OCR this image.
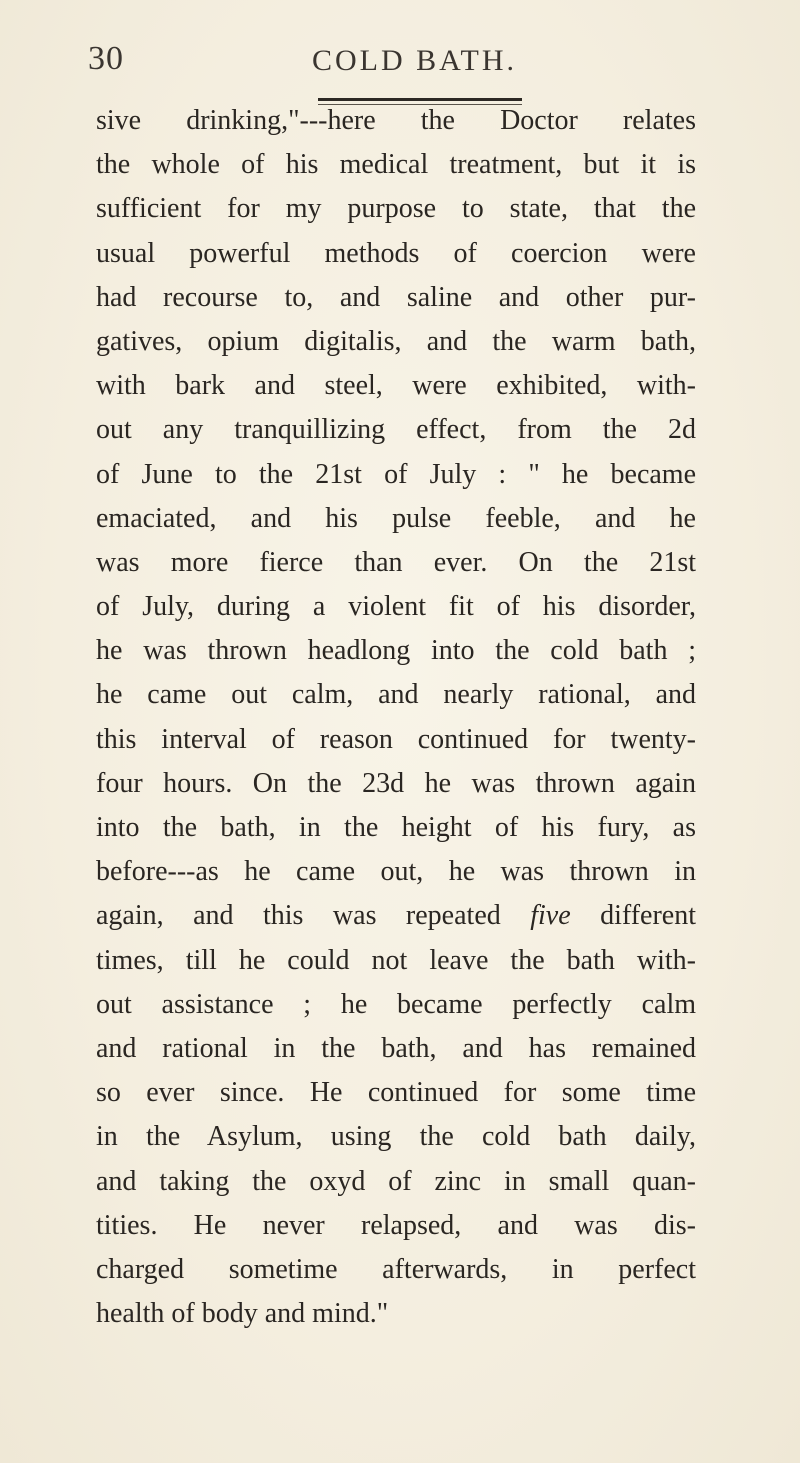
30	COLD BATH.
sive drinking,"---here the Doctor relates
the whole of his medical treatment, but it is
sufficient for my purpose to state, that the
usual powerful methods of coercion were
had recourse to, and saline and other pur-
gatives, opium digitalis, and the warm bath,
with bark and steel, were exhibited, with-
out any tranquillizing effect, from the 2d
of June to the 21st of July : " he became
emaciated, and his pulse feeble, and he
was more fierce than ever. On the 21st
of July, during a violent fit of his disorder,
he was thrown headlong into the cold bath ;
he came out calm, and nearly rational, and
this interval of reason continued for twenty-
four hours. On the 23d he was thrown again
into the bath, in the height of his fury, as
before---as he came out, he was thrown in
again, and this was repeated five different
times, till he could not leave the bath with-
out assistance ; he became perfectly calm
and rational in the bath, and has remained
so ever since. He continued for some time
in the Asylum, using the cold bath daily,
and taking the oxyd of zinc in small quan-
tities. He never relapsed, and was dis-
charged sometime afterwards, in perfect
health of body and mind."
